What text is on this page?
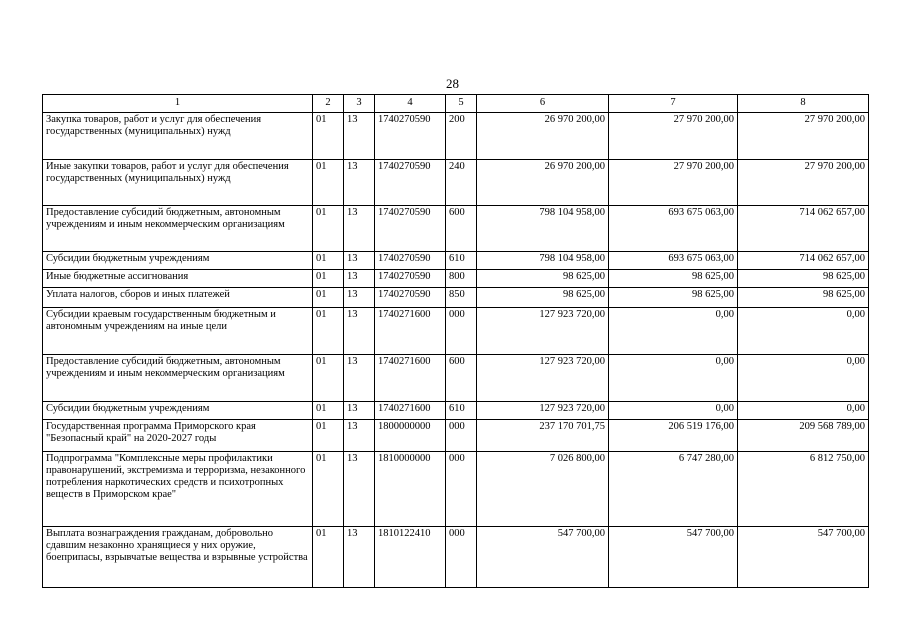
28
1	2	3	4	5	6	7	8
Закупка товаров, работ и услуг для обеспечения государственных (муниципальных) нужд	01	13	1740270590	200	26 970 200,00	27 970 200,00	27 970 200,00
Иные закупки товаров, работ и услуг для обеспечения государственных (муниципальных) нужд	01	13	1740270590	240	26 970 200,00	27 970 200,00	27 970 200,00
Предоставление субсидий бюджетным, автономным учреждениям и иным некоммерческим организациям	01	13	1740270590	600	798 104 958,00	693 675 063,00	714 062 657,00
Субсидии бюджетным учреждениям	01	13	1740270590	610	798 104 958,00	693 675 063,00	714 062 657,00
Иные бюджетные ассигнования	01	13	1740270590	800	98 625,00	98 625,00	98 625,00
Уплата налогов, сборов и иных платежей	01	13	1740270590	850	98 625,00	98 625,00	98 625,00
Субсидии краевым государственным бюджетным и автономным учреждениям на иные цели	01	13	1740271600	000	127 923 720,00	0,00	0,00
Предоставление субсидий бюджетным, автономным учреждениям и иным некоммерческим организациям	01	13	1740271600	600	127 923 720,00	0,00	0,00
Субсидии бюджетным учреждениям	01	13	1740271600	610	127 923 720,00	0,00	0,00
Государственная программа Приморского края "Безопасный край" на 2020-2027 годы	01	13	1800000000	000	237 170 701,75	206 519 176,00	209 568 789,00
Подпрограмма "Комплексные меры профилактики правонарушений, экстремизма и терроризма, незаконного потребления наркотических средств и психотропных веществ в Приморском крае"	01	13	1810000000	000	7 026 800,00	6 747 280,00	6 812 750,00
Выплата вознаграждения гражданам, добровольно сдавшим незаконно хранящиеся у них оружие, боеприпасы, взрывчатые вещества и взрывные устройства	01	13	1810122410	000	547 700,00	547 700,00	547 700,00
